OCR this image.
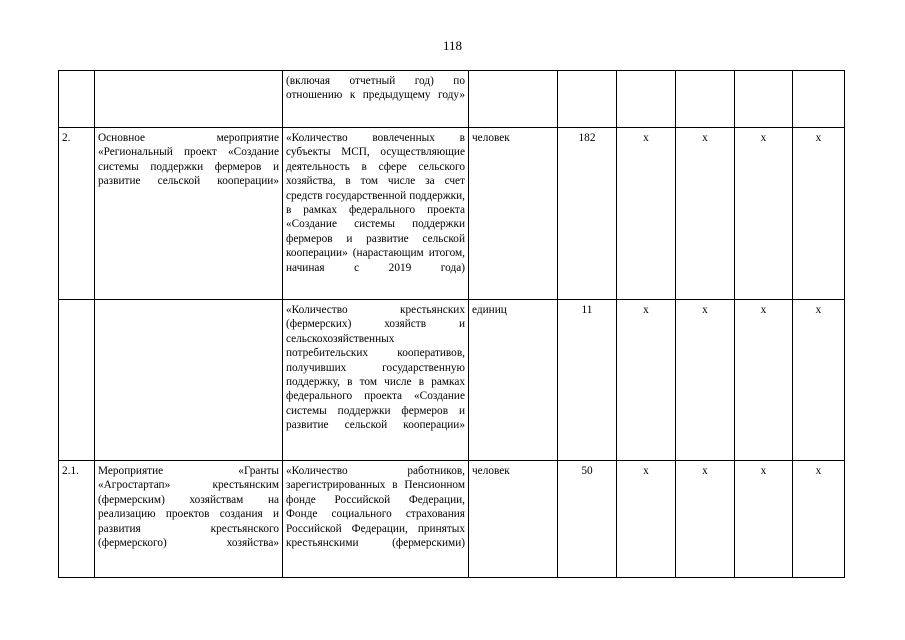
118
		(включая отчетный год) по отношению к предыдущему году»						
2.	Основное мероприятие «Региональный проект «Создание системы поддержки фермеров и развитие сельской кооперации»	«Количество вовлеченных в субъекты МСП, осуществляющие деятельность в сфере сельского хозяйства, в том числе за счет средств государственной поддержки, в рамках федерального проекта «Создание системы поддержки фермеров и развитие сельской кооперации» (нарастающим итогом, начиная с 2019 года)	человек	182	х	х	х	х
		«Количество крестьянских (фермерских) хозяйств и сельскохозяйственных потребительских кооперативов, получивших государственную поддержку, в том числе в рамках федерального проекта «Создание системы поддержки фермеров и развитие сельской кооперации»	единиц	11	х	х	х	х
2.1.	Мероприятие «Гранты «Агростартап» крестьянским (фермерским) хозяйствам на реализацию проектов создания и развития крестьянского (фермерского) хозяйства»	«Количество работников, зарегистрированных в Пенсионном фонде Российской Федерации, Фонде социального страхования Российской Федерации, принятых крестьянскими (фермерскими)	человек	50	х	х	х	х
